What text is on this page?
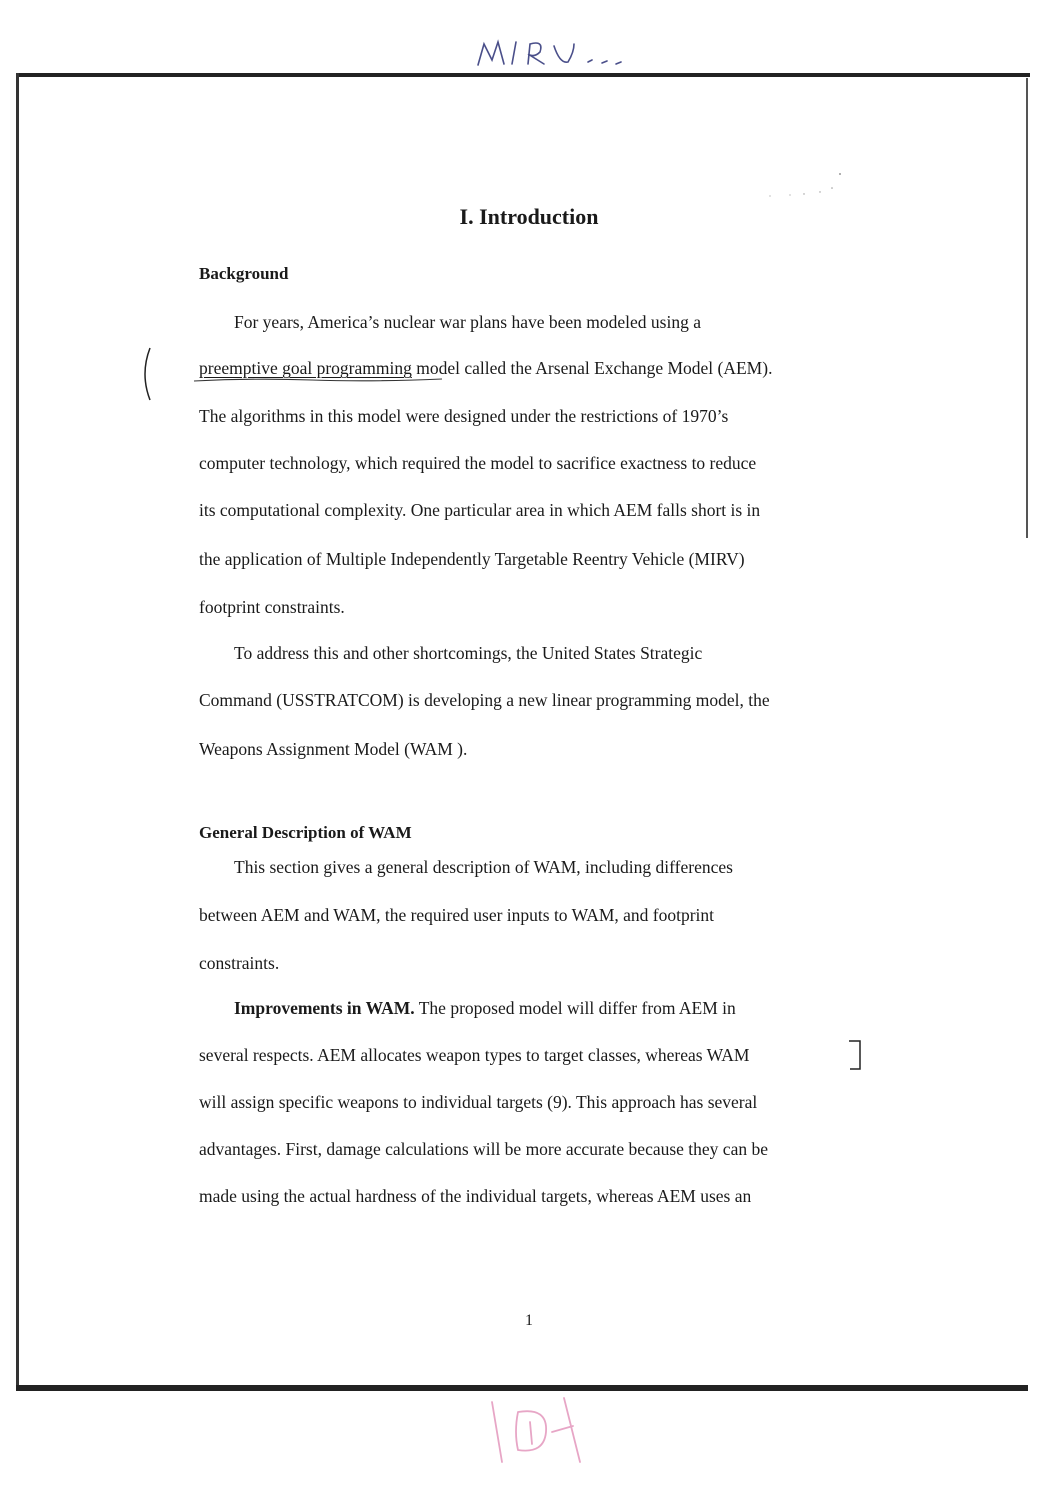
I. Introduction
Background

For years, America’s nuclear war plans have been modeled using a

preemptive goal programming model called the Arsenal Exchange Model (AEM).

The algorithms in this model were designed under the restrictions of 1970’s

computer technology, which required the model to sacrifice exactness to reduce

its computational complexity. One particular area in which AEM falls short is in

the application of Multiple Independently Targetable Reentry Vehicle (MIRV)

footprint constraints.

To address this and other shortcomings, the United States Strategic

Command (USSTRATCOM) is developing a new linear programming model, the

Weapons Assignment Model (WAM ).

General Description of WAM

This section gives a general description of WAM, including differences

between AEM and WAM, the required user inputs to WAM, and footprint

constraints.

Improvements in WAM. The proposed model will differ from AEM in

several respects. AEM allocates weapon types to target classes, whereas WAM

will assign specific weapons to individual targets (9). This approach has several

advantages. First, damage calculations will be more accurate because they can be

made using the actual hardness of the individual targets, whereas AEM uses an

1
